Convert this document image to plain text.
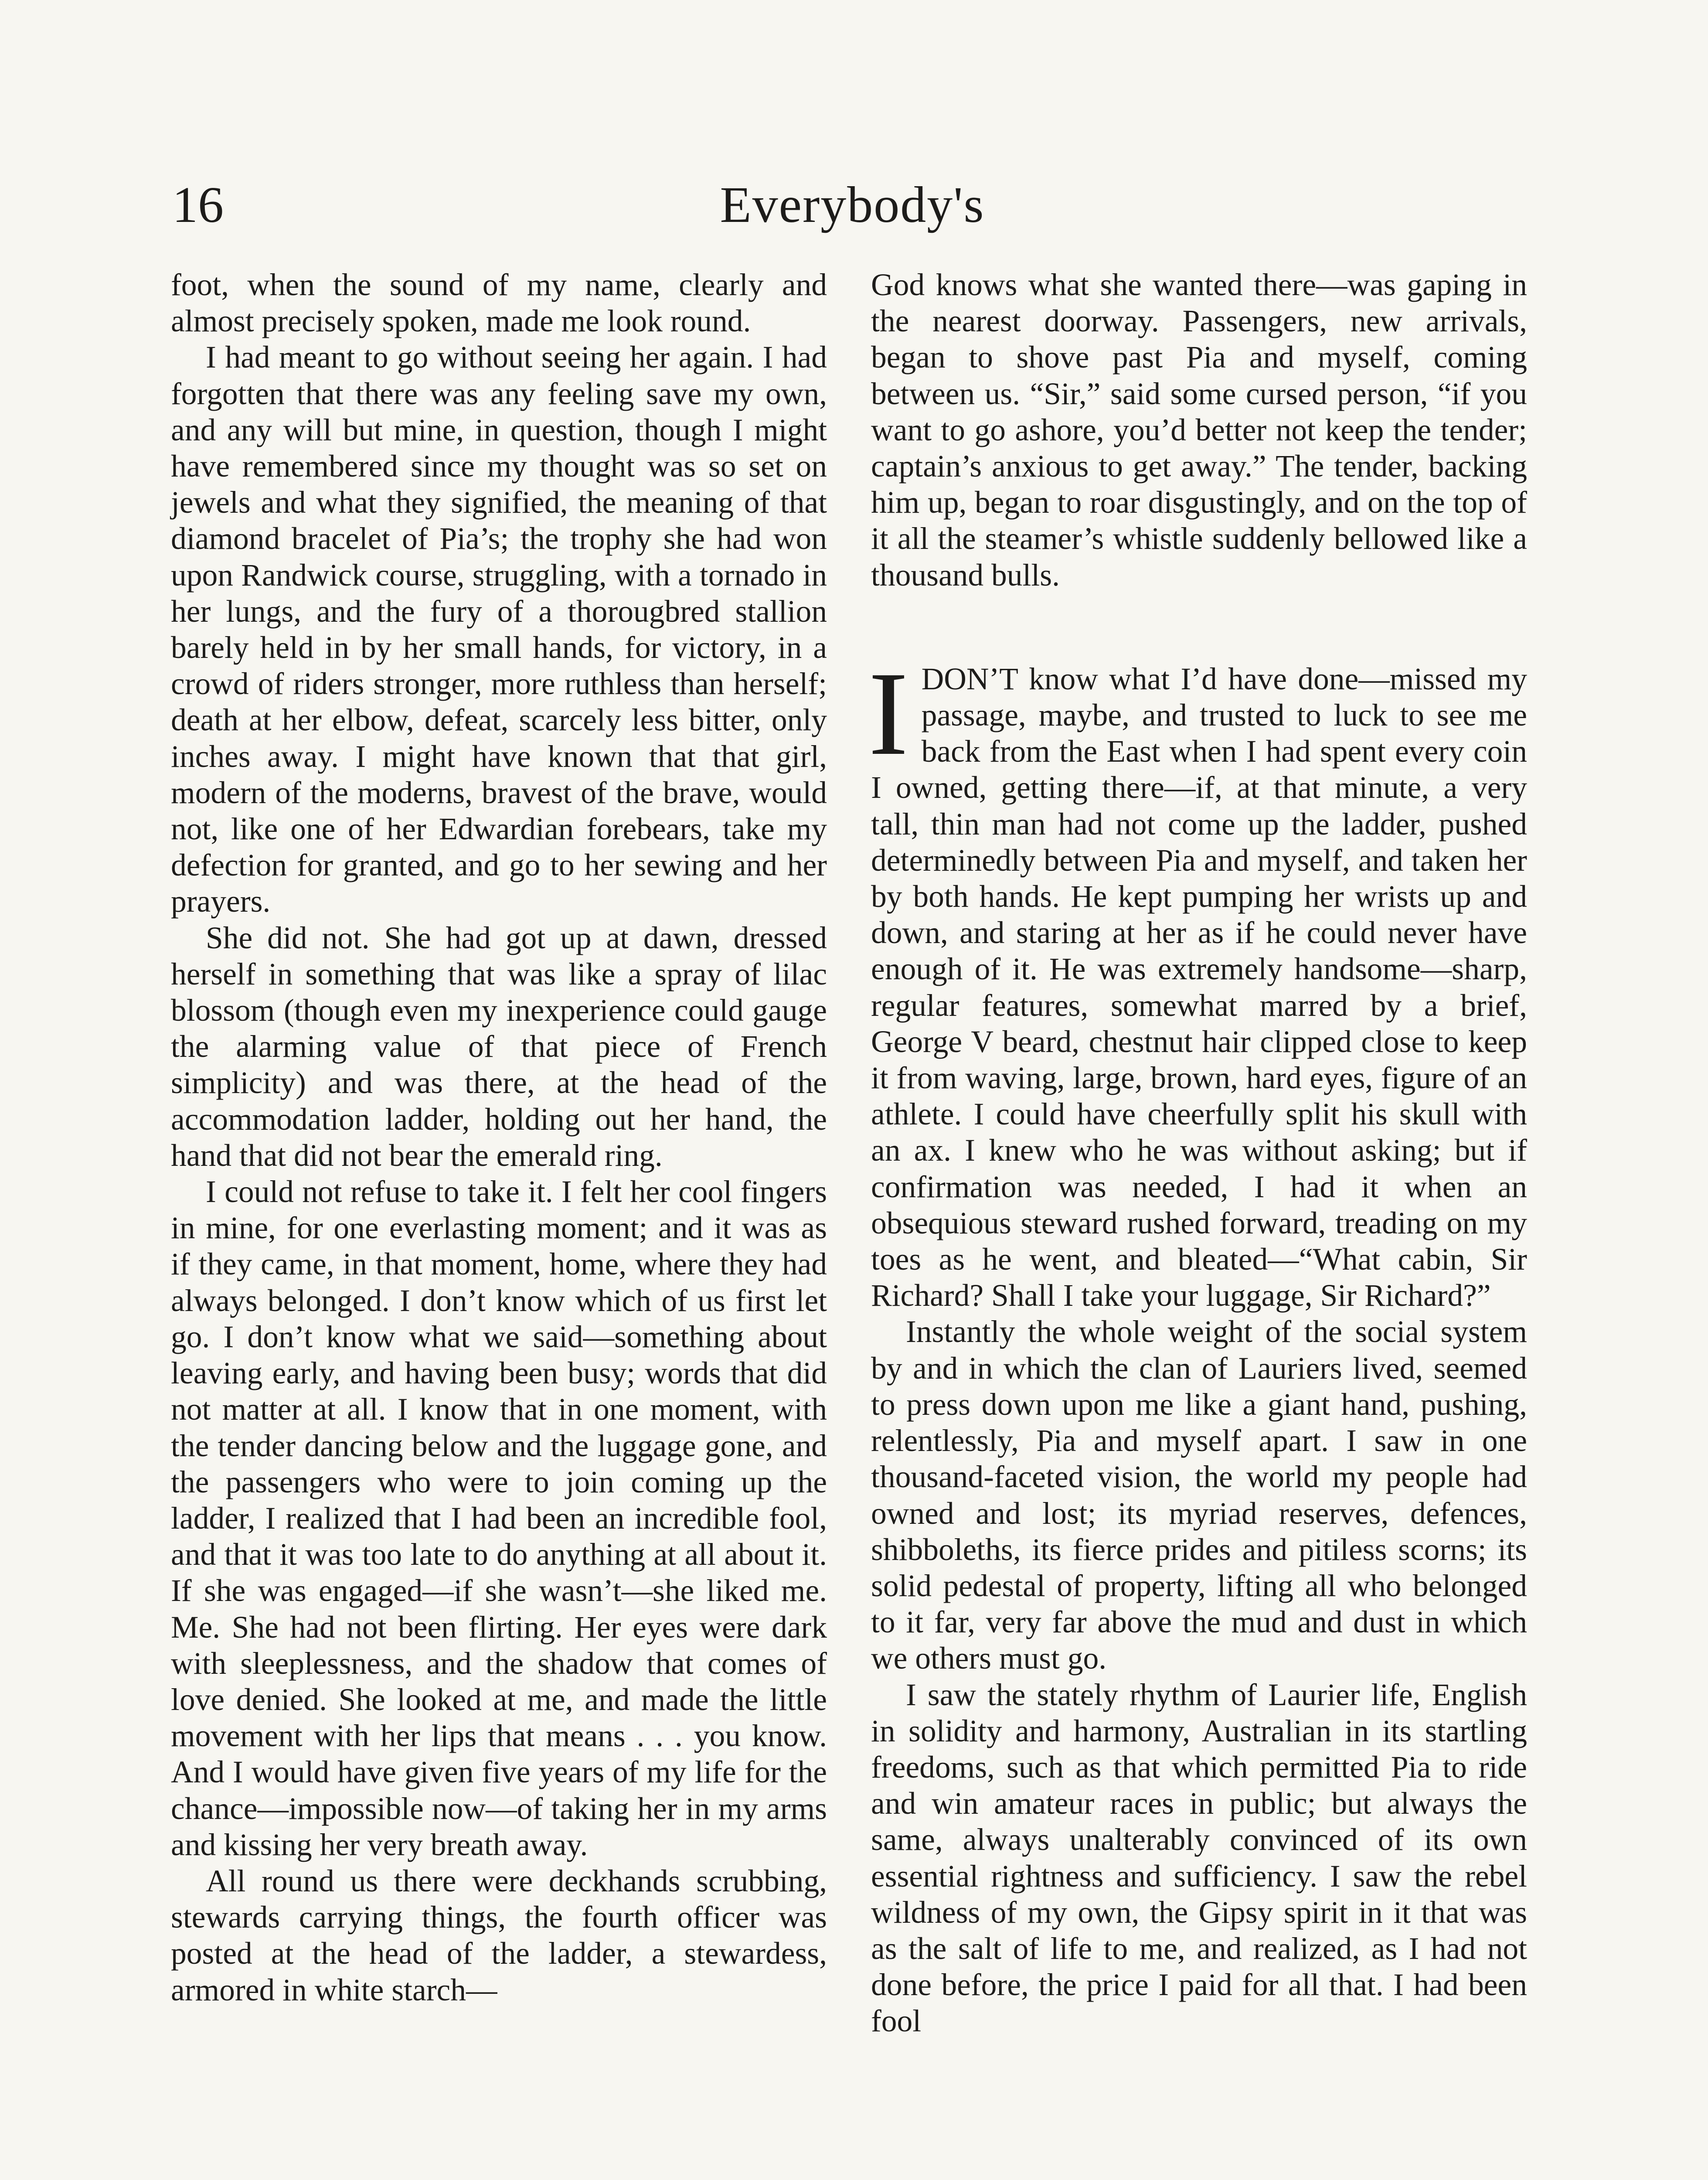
16	Everybody's

foot, when the sound of my name, clearly and almost precisely spoken, made me look round.

I had meant to go without seeing her again. I had forgotten that there was any feeling save my own, and any will but mine, in question, though I might have remembered since my thought was so set on jewels and what they signified, the meaning of that diamond bracelet of Pia’s; the trophy she had won upon Randwick course, struggling, with a tornado in her lungs, and the fury of a thorougbred stallion barely held in by her small hands, for victory, in a crowd of riders stronger, more ruthless than herself; death at her elbow, defeat, scarcely less bitter, only inches away. I might have known that that girl, modern of the moderns, bravest of the brave, would not, like one of her Edwardian forebears, take my defection for granted, and go to her sewing and her prayers.

She did not. She had got up at dawn, dressed herself in something that was like a spray of lilac blossom (though even my inexperience could gauge the alarming value of that piece of French simplicity) and was there, at the head of the accommodation ladder, holding out her hand, the hand that did not bear the emerald ring.

I could not refuse to take it. I felt her cool fingers in mine, for one everlasting moment; and it was as if they came, in that moment, home, where they had always belonged. I don’t know which of us first let go. I don’t know what we said—something about leaving early, and having been busy; words that did not matter at all. I know that in one moment, with the tender dancing below and the luggage gone, and the passengers who were to join coming up the ladder, I realized that I had been an incredible fool, and that it was too late to do anything at all about it. If she was engaged—if she wasn’t—she liked me. Me. She had not been flirting. Her eyes were dark with sleeplessness, and the shadow that comes of love denied. She looked at me, and made the little movement with her lips that means . . . you know. And I would have given five years of my life for the chance—impossible now—of taking her in my arms and kissing her very breath away.

All round us there were deckhands scrubbing, stewards carrying things, the fourth officer was posted at the head of the ladder, a stewardess, armored in white starch—

God knows what she wanted there—was gaping in the nearest doorway. Passengers, new arrivals, began to shove past Pia and myself, coming between us. “Sir,” said some cursed person, “if you want to go ashore, you’d better not keep the tender; captain’s anxious to get away.” The tender, backing him up, began to roar disgustingly, and on the top of it all the steamer’s whistle suddenly bellowed like a thousand bulls.

IDON’T know what I’d have done—missed my passage, maybe, and trusted to luck to see me back from the East when I had spent every coin I owned, getting there—if, at that minute, a very tall, thin man had not come up the ladder, pushed determinedly between Pia and myself, and taken her by both hands. He kept pumping her wrists up and down, and staring at her as if he could never have enough of it. He was extremely handsome—sharp, regular features, somewhat marred by a brief, George V beard, chestnut hair clipped close to keep it from waving, large, brown, hard eyes, figure of an athlete. I could have cheerfully split his skull with an ax. I knew who he was without asking; but if confirmation was needed, I had it when an obsequious steward rushed forward, treading on my toes as he went, and bleated—“What cabin, Sir Richard? Shall I take your luggage, Sir Richard?”

Instantly the whole weight of the social system by and in which the clan of Lauriers lived, seemed to press down upon me like a giant hand, pushing, relentlessly, Pia and myself apart. I saw in one thousand-faceted vision, the world my people had owned and lost; its myriad reserves, defences, shibboleths, its fierce prides and pitiless scorns; its solid pedestal of property, lifting all who belonged to it far, very far above the mud and dust in which we others must go.

I saw the stately rhythm of Laurier life, English in solidity and harmony, Australian in its startling freedoms, such as that which permitted Pia to ride and win amateur races in public; but always the same, always unalterably convinced of its own essential rightness and sufficiency. I saw the rebel wildness of my own, the Gipsy spirit in it that was as the salt of life to me, and realized, as I had not done before, the price I paid for all that. I had been fool
